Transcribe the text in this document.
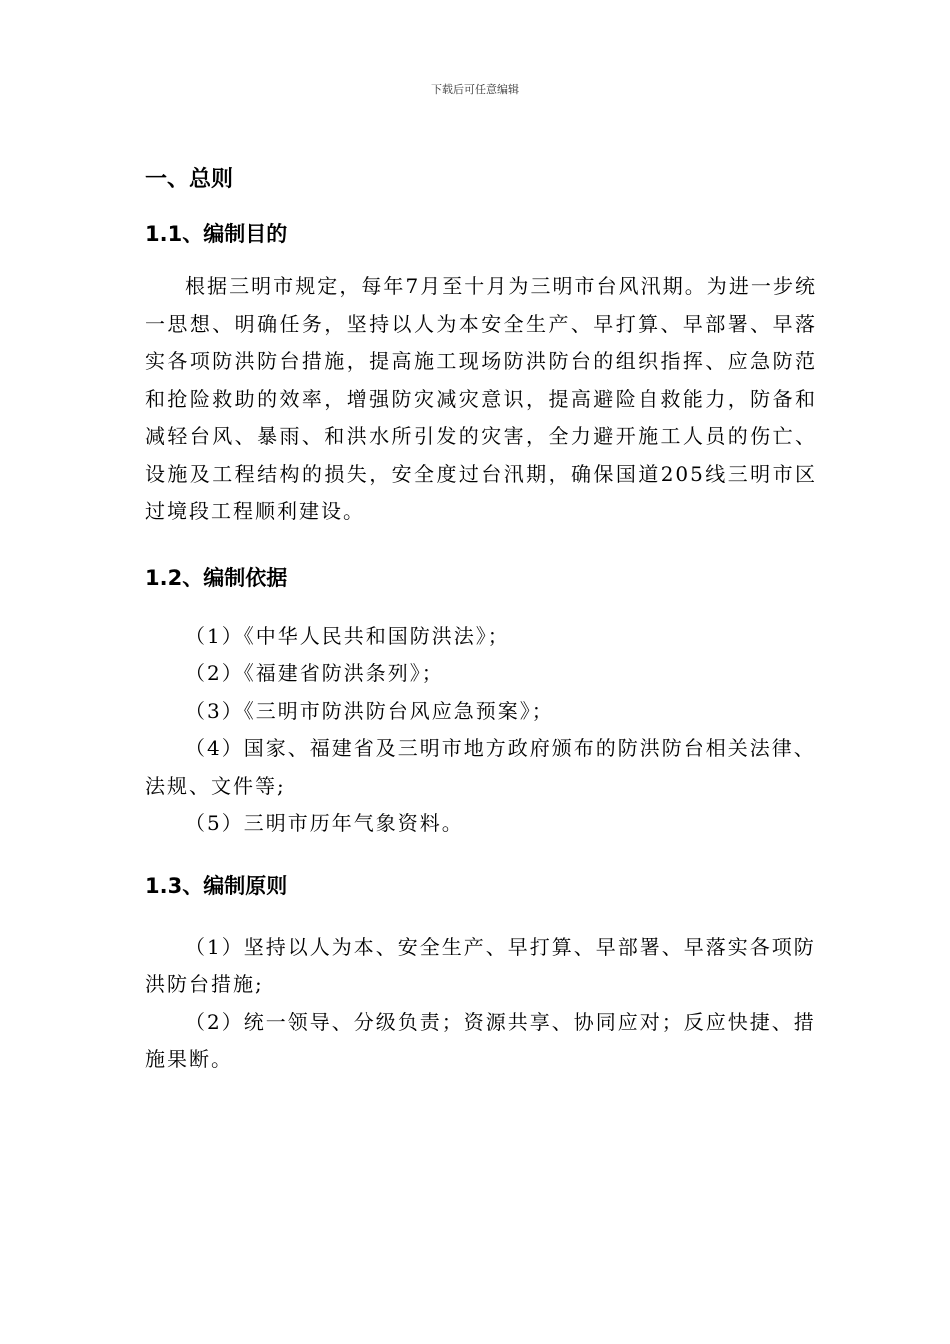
下载后可任意编辑
一、总则
1.1、编制目的

根据三明市规定，每年7月至十月为三明市台风汛期。为进一步统一思想、明确任务，坚持以人为本安全生产、早打算、早部署、早落实各项防洪防台措施，提高施工现场防洪防台的组织指挥、应急防范和抢险救助的效率，增强防灾减灾意识，提高避险自救能力，防备和减轻台风、暴雨、和洪水所引发的灾害，全力避开施工人员的伤亡、设施及工程结构的损失，安全度过台汛期，确保国道205线三明市区过境段工程顺利建设。

1.2、编制依据

（1）《中华人民共和国防洪法》；

（2）《福建省防洪条列》；

（3）《三明市防洪防台风应急预案》；

（4）国家、福建省及三明市地方政府颁布的防洪防台相关法律、法规、文件等;

（5）三明市历年气象资料。

1.3、编制原则

（1）坚持以人为本、安全生产、早打算、早部署、早落实各项防洪防台措施;

（2）统一领导、分级负责；资源共享、协同应对；反应快捷、措施果断。
